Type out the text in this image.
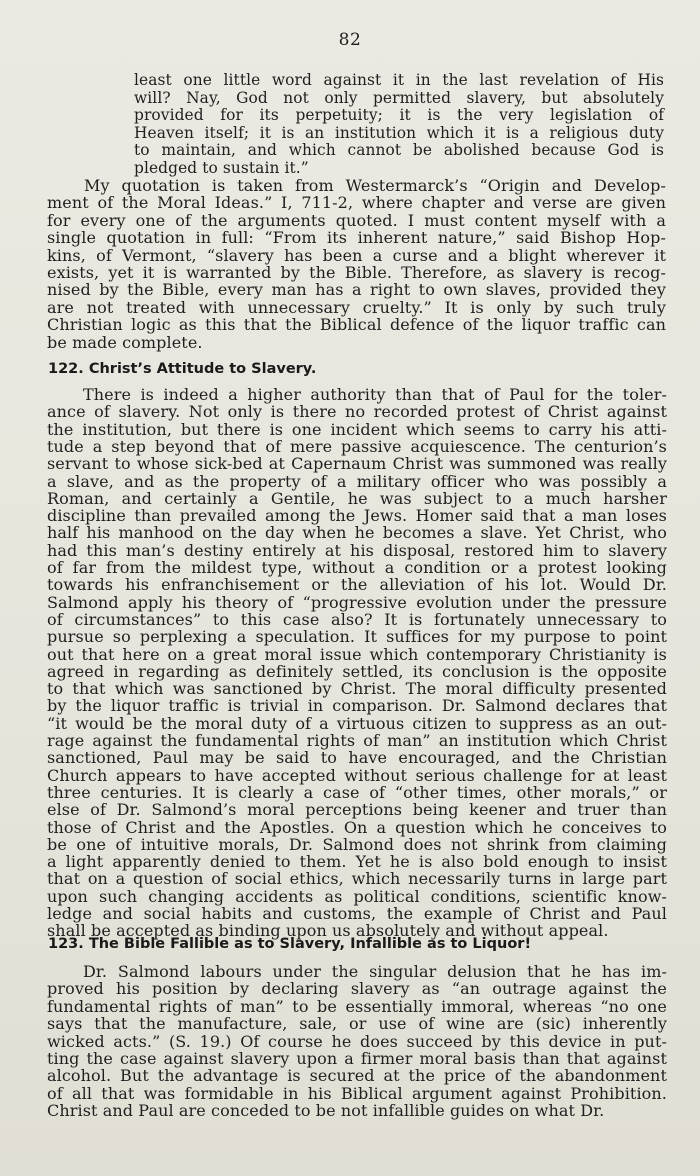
82
least one little word against it in the last revelation of His
will? Nay, God not only permitted slavery, but absolutely
provided for its perpetuity; it is the very legislation of
Heaven itself; it is an institution which it is a religious duty
to maintain, and which cannot be abolished because God is
pledged to sustain it.”
My quotation is taken from Westermarck’s “Origin and Develop-
ment of the Moral Ideas.” I, 711-2, where chapter and verse are given
for every one of the arguments quoted. I must content myself with a
single quotation in full: “From its inherent nature,” said Bishop Hop-
kins, of Vermont, “slavery has been a curse and a blight wherever it
exists, yet it is warranted by the Bible. Therefore, as slavery is recog-
nised by the Bible, every man has a right to own slaves, provided they
are not treated with unnecessary cruelty.” It is only by such truly
Christian logic as this that the Biblical defence of the liquor traffic can
be made complete.
122. Christ’s Attitude to Slavery.
There is indeed a higher authority than that of Paul for the toler-
ance of slavery. Not only is there no recorded protest of Christ against
the institution, but there is one incident which seems to carry his atti-
tude a step beyond that of mere passive acquiescence. The centurion’s
servant to whose sick-bed at Capernaum Christ was summoned was really
a slave, and as the property of a military officer who was possibly a
Roman, and certainly a Gentile, he was subject to a much harsher
discipline than prevailed among the Jews. Homer said that a man loses
half his manhood on the day when he becomes a slave. Yet Christ, who
had this man’s destiny entirely at his disposal, restored him to slavery
of far from the mildest type, without a condition or a protest looking
towards his enfranchisement or the alleviation of his lot. Would Dr.
Salmond apply his theory of “progressive evolution under the pressure
of circumstances” to this case also? It is fortunately unnecessary to
pursue so perplexing a speculation. It suffices for my purpose to point
out that here on a great moral issue which contemporary Christianity is
agreed in regarding as definitely settled, its conclusion is the opposite
to that which was sanctioned by Christ. The moral difficulty presented
by the liquor traffic is trivial in comparison. Dr. Salmond declares that
“it would be the moral duty of a virtuous citizen to suppress as an out-
rage against the fundamental rights of man” an institution which Christ
sanctioned, Paul may be said to have encouraged, and the Christian
Church appears to have accepted without serious challenge for at least
three centuries. It is clearly a case of “other times, other morals,” or
else of Dr. Salmond’s moral perceptions being keener and truer than
those of Christ and the Apostles. On a question which he conceives to
be one of intuitive morals, Dr. Salmond does not shrink from claiming
a light apparently denied to them. Yet he is also bold enough to insist
that on a question of social ethics, which necessarily turns in large part
upon such changing accidents as political conditions, scientific know-
ledge and social habits and customs, the example of Christ and Paul
shall be accepted as binding upon us absolutely and without appeal.
123. The Bible Fallible as to Slavery, Infallible as to Liquor!
Dr. Salmond labours under the singular delusion that he has im-
proved his position by declaring slavery as “an outrage against the
fundamental rights of man” to be essentially immoral, whereas “no one
says that the manufacture, sale, or use of wine are (sic) inherently
wicked acts.” (S. 19.) Of course he does succeed by this device in put-
ting the case against slavery upon a firmer moral basis than that against
alcohol. But the advantage is secured at the price of the abandonment
of all that was formidable in his Biblical argument against Prohibition.
Christ and Paul are conceded to be not infallible guides on what Dr.
